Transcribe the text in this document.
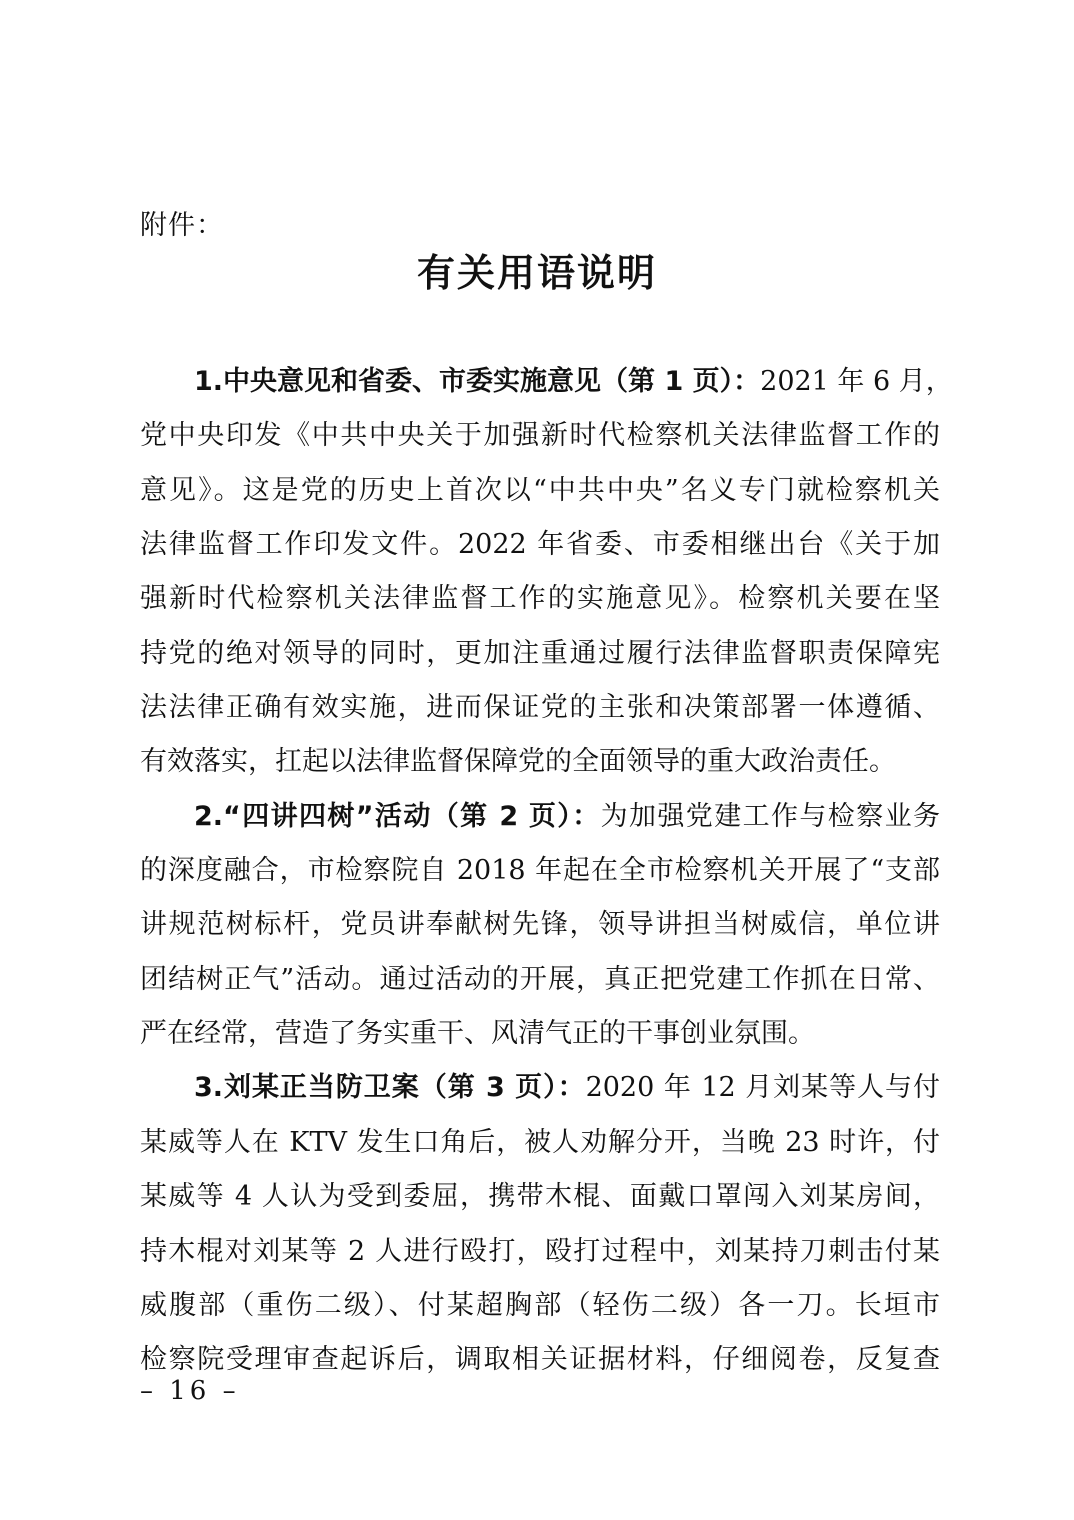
附件：
有关用语说明
1.中央意见和省委、市委实施意见（第 1 页）：2021 年 6 月，
党中央印发《中共中央关于加强新时代检察机关法律监督工作的
意见》。这是党的历史上首次以“中共中央”名义专门就检察机关
法律监督工作印发文件。2022 年省委、市委相继出台《关于加
强新时代检察机关法律监督工作的实施意见》。检察机关要在坚
持党的绝对领导的同时，更加注重通过履行法律监督职责保障宪
法法律正确有效实施，进而保证党的主张和决策部署一体遵循、
有效落实，扛起以法律监督保障党的全面领导的重大政治责任。
2.“四讲四树”活动（第 2 页）：为加强党建工作与检察业务
的深度融合，市检察院自 2018 年起在全市检察机关开展了“支部
讲规范树标杆，党员讲奉献树先锋，领导讲担当树威信，单位讲
团结树正气”活动。通过活动的开展，真正把党建工作抓在日常、
严在经常，营造了务实重干、风清气正的干事创业氛围。
3.刘某正当防卫案（第 3 页）：2020 年 12 月刘某等人与付
某威等人在 KTV 发生口角后，被人劝解分开，当晚 23 时许，付
某威等 4 人认为受到委屈，携带木棍、面戴口罩闯入刘某房间，
持木棍对刘某等 2 人进行殴打，殴打过程中，刘某持刀刺击付某
威腹部（重伤二级）、付某超胸部（轻伤二级）各一刀。长垣市
检察院受理审查起诉后，调取相关证据材料，仔细阅卷，反复查
– 16 –
